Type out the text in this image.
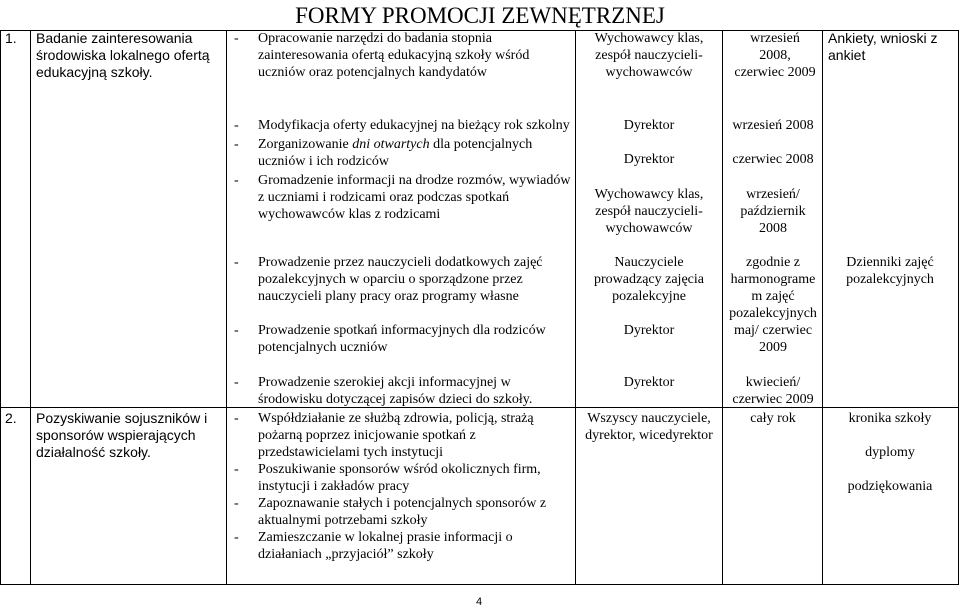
FORMY PROMOCJI ZEWNĘTRZNEJ
1. Badanie zainteresowania środowiska lokalnego ofertą edukacyjną szkoły.
- Opracowanie narzędzi do badania stopnia zainteresowania ofertą edukacyjną szkoły wśród uczniów oraz potencjalnych kandydatów
Wychowawcy klas, zespół nauczycieli-wychowawców
wrzesień 2008, czerwiec 2009
Ankiety, wnioski z ankiet
- Modyfikacja oferty edukacyjnej na bieżący rok szkolny
- Zorganizowanie dni otwartych dla potencjalnych uczniów i ich rodziców
- Gromadzenie informacji na drodze rozmów, wywiadów z uczniami i rodzicami oraz podczas spotkań wychowawców klas z rodzicami
Dyrektor
Dyrektor
Wychowawcy klas, zespół nauczycieli-wychowawców
wrzesień 2008
czerwiec 2008
wrzesień/ październik 2008
- Prowadzenie przez nauczycieli dodatkowych zajęć pozalekcyjnych w oparciu o sporządzone przez nauczycieli plany pracy oraz programy własne
- Prowadzenie spotkań informacyjnych dla rodziców potencjalnych uczniów
Nauczyciele prowadzący zajęcia pozalekcyjne
Dyrektor
zgodnie z harmonograme m zajęć pozalekcyjnych maj/ czerwiec 2009
Dzienniki zajęć pozalekcyjnych
- Prowadzenie szerokiej akcji informacyjnej w środowisku dotyczącej zapisów dzieci do szkoły.
Dyrektor	kwiecień/ czerwiec 2009
2. Pozyskiwanie sojuszników i sponsorów wspierających działalność szkoły.
- Współdziałanie ze służbą zdrowia, policją, strażą pożarną poprzez inicjowanie spotkań z przedstawicielami tych instytucji
- Poszukiwanie sponsorów wśród okolicznych firm, instytucji i zakładów pracy
- Zapoznawanie stałych i potencjalnych sponsorów z aktualnymi potrzebami szkoły
- Zamieszczanie w lokalnej prasie informacji o działaniach „przyjaciół” szkoły
Wszyscy nauczyciele, dyrektor, wicedyrektor
cały rok	kronika szkoły
dyplomy
podziękowania
4
